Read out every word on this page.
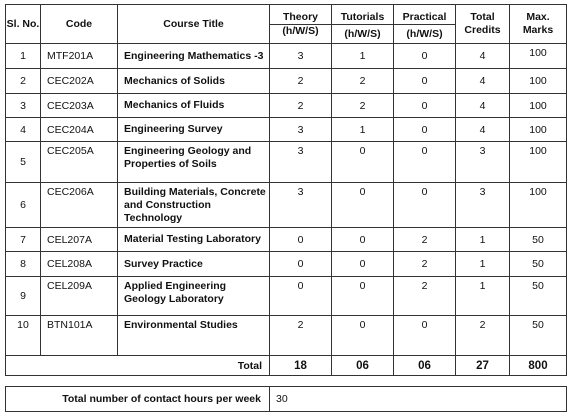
Sl. No.	Code	Course Title	Theory	Tutorials	Practical	Total Credits	Max. Marks
			(h/W/S)	(h/W/S)	(h/W/S)		
1	MTF201A	Engineering Mathematics -3	3	1	0	4	100
2	CEC202A	Mechanics of Solids	2	2	0	4	100
3	CEC203A	Mechanics of Fluids	2	2	0	4	100
4	CEC204A	Engineering Survey	3	1	0	4	100
5	CEC205A	Engineering Geology and Properties of Soils	3	0	0	3	100
6	CEC206A	Building Materials, Concrete and Construction Technology	3	0	0	3	100
7	CEL207A	Material Testing Laboratory	0	0	2	1	50
8	CEL208A	Survey Practice	0	0	2	1	50
9	CEL209A	Applied Engineering Geology Laboratory	0	0	2	1	50
10	BTN101A	Environmental Studies	2	0	0	2	50
Total			18	06	06	27	800
Total number of contact hours per week	30
